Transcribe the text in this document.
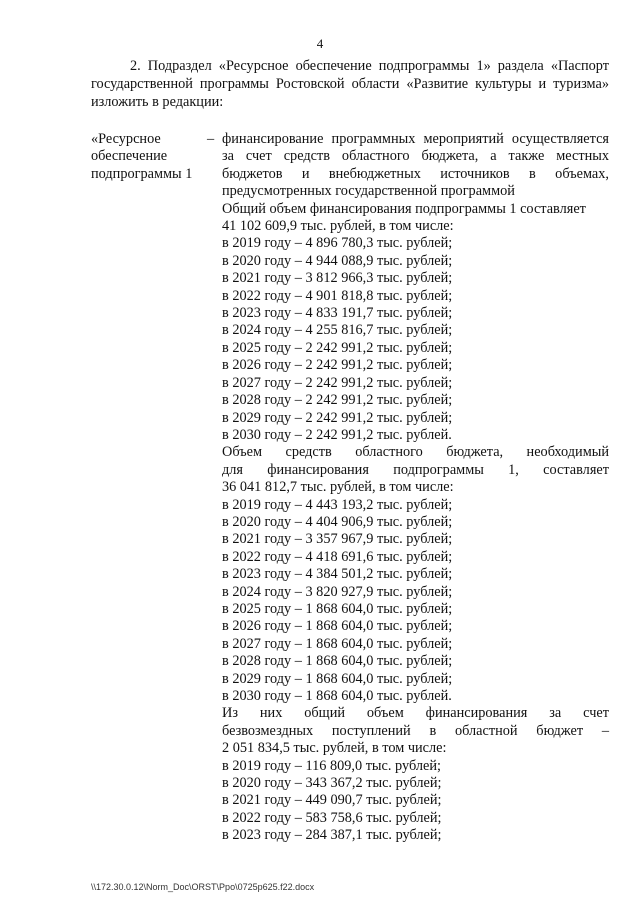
4

2. Подраздел «Ресурсное обеспечение подпрограммы 1» раздела «Паспорт государственной программы Ростовской области «Развитие культуры и туризма» изложить в редакции:

«Ресурсное
обеспечение
подпрограммы 1
– финансирование программных мероприятий осуществляется за счет средств областного бюджета, а также местных бюджетов и внебюджетных источников в объемах, предусмотренных государственной программой

Общий объем финансирования подпрограммы 1 составляет

41 102 609,9 тыс. рублей, в том числе:

в 2019 году – 4 896 780,3 тыс. рублей;

в 2020 году – 4 944 088,9 тыс. рублей;

в 2021 году – 3 812 966,3 тыс. рублей;

в 2022 году – 4 901 818,8 тыс. рублей;

в 2023 году – 4 833 191,7 тыс. рублей;

в 2024 году – 4 255 816,7 тыс. рублей;

в 2025 году – 2 242 991,2 тыс. рублей;

в 2026 году – 2 242 991,2 тыс. рублей;

в 2027 году – 2 242 991,2 тыс. рублей;

в 2028 году – 2 242 991,2 тыс. рублей;

в 2029 году – 2 242 991,2 тыс. рублей;

в 2030 году – 2 242 991,2 тыс. рублей.

Объем средств областного бюджета, необходимый

для финансирования подпрограммы 1, составляет

36 041 812,7 тыс. рублей, в том числе:

в 2019 году – 4 443 193,2 тыс. рублей;

в 2020 году – 4 404 906,9 тыс. рублей;

в 2021 году – 3 357 967,9 тыс. рублей;

в 2022 году – 4 418 691,6 тыс. рублей;

в 2023 году – 4 384 501,2 тыс. рублей;

в 2024 году – 3 820 927,9 тыс. рублей;

в 2025 году – 1 868 604,0 тыс. рублей;

в 2026 году – 1 868 604,0 тыс. рублей;

в 2027 году – 1 868 604,0 тыс. рублей;

в 2028 году – 1 868 604,0 тыс. рублей;

в 2029 году – 1 868 604,0 тыс. рублей;

в 2030 году – 1 868 604,0 тыс. рублей.

Из них общий объем финансирования за счет

безвозмездных поступлений в областной бюджет –

2 051 834,5 тыс. рублей, в том числе:

в 2019 году – 116 809,0 тыс. рублей;

в 2020 году – 343 367,2 тыс. рублей;

в 2021 году – 449 090,7 тыс. рублей;

в 2022 году – 583 758,6 тыс. рублей;

в 2023 году – 284 387,1 тыс. рублей;

\\172.30.0.12\Norm_Doc\ORST\Ppo\0725p625.f22.docx
